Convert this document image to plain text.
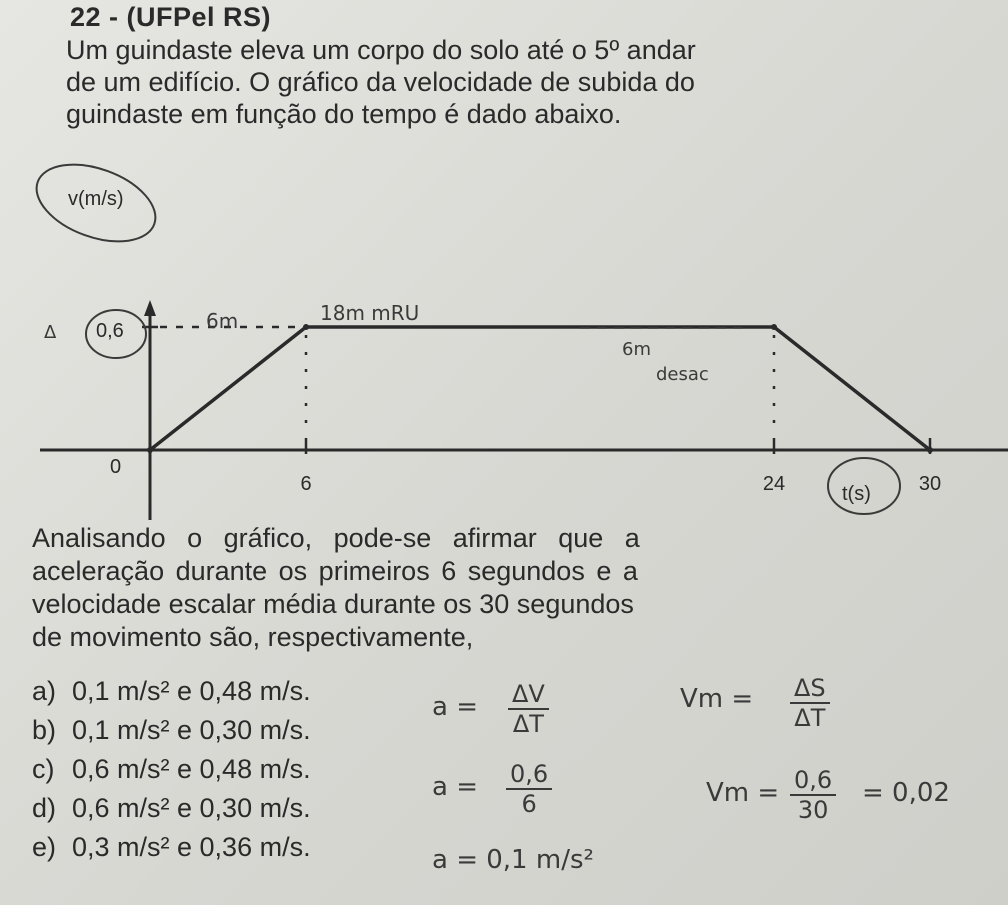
22 - (UFPel RS)
Um guindaste eleva um corpo do solo até o 5º andar
de um edifício. O gráfico da velocidade de subida do
guindaste em função do tempo é dado abaixo.
v(m/s)
0
0,6
6	24	30
t(s)
6m	18m mRU
6m
desac
Δ
Analisando o gráfico, pode-se afirmar que a
aceleração durante os primeiros 6 segundos e a
velocidade escalar média durante os 30 segundos
de movimento são, respectivamente,
a) 0,1 m/s² e 0,48 m/s.
b) 0,1 m/s² e 0,30 m/s.
c) 0,6 m/s² e 0,48 m/s.
d) 0,6 m/s² e 0,30 m/s.
e) 0,3 m/s² e 0,36 m/s.
$a = \frac{\Delta V}{\Delta T}$	$Vm = \frac{\Delta S}{\Delta T}$
$a = \frac{0,6}{6}$	$Vm = \frac{0,6}{30} = 0,02$
a = 0,1 m/s²
